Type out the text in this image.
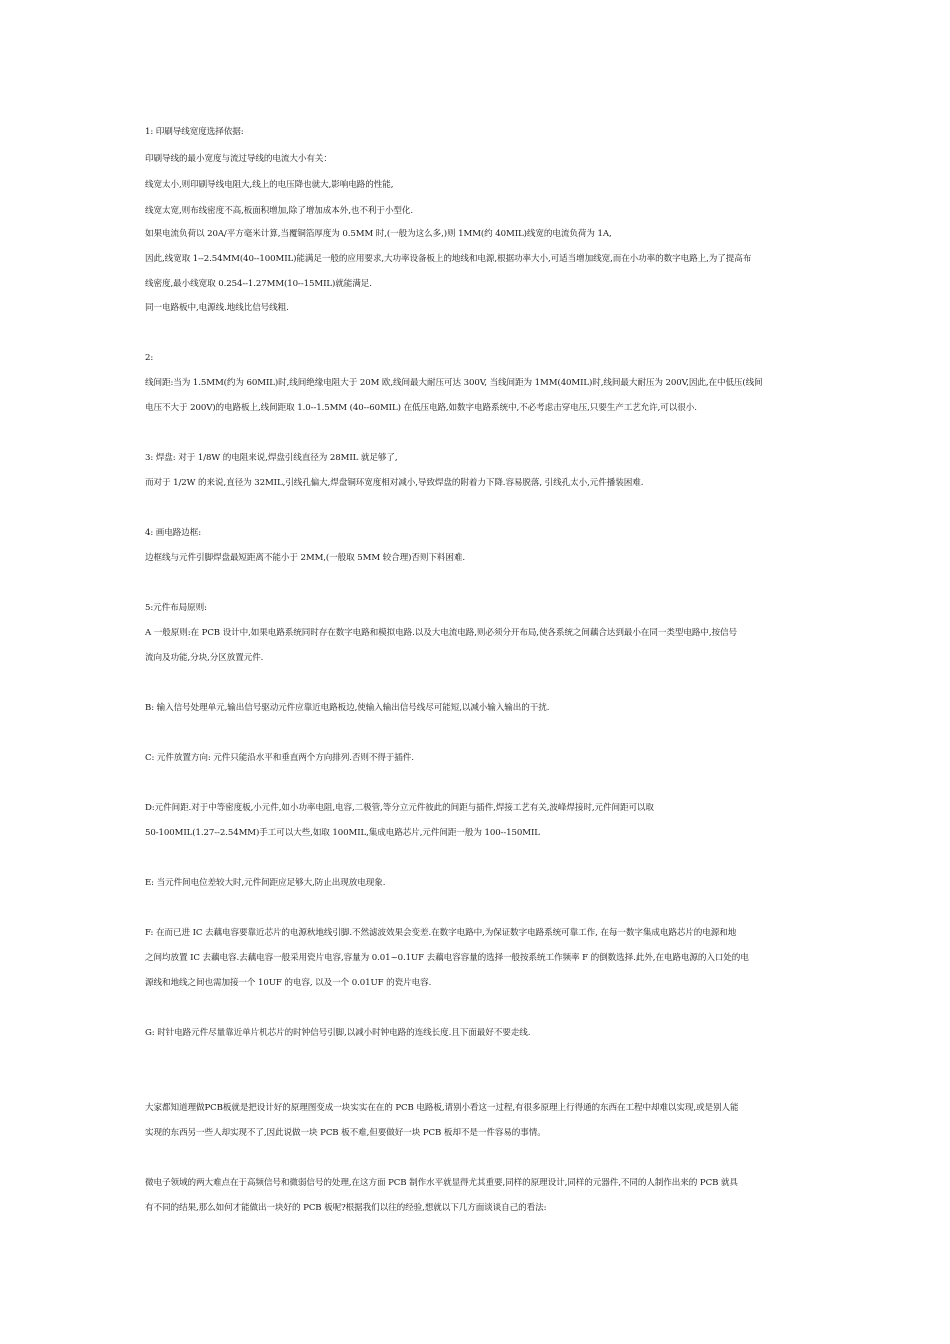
1: 印刷导线宽度选择依据:
印刷导线的最小宽度与流过导线的电流大小有关：
线宽太小,则印刷导线电阻大,线上的电压降也就大,影响电路的性能,
线宽太宽,则布线密度不高,板面积增加,除了增加成本外,也不利于小型化.
如果电流负荷以 20A/平方毫米计算,当覆铜箔厚度为 0.5MM 时,(一般为这么多,)则 1MM(约 40MIL)线宽的电流负荷为 1A,
因此,线宽取 1--2.54MM(40--100MIL)能满足一般的应用要求,大功率设备板上的地线和电源,根据功率大小,可适当增加线宽,而在小功率的数字电路上,为了提高布
线密度,最小线宽取 0.254--1.27MM(10--15MIL)就能满足.
同一电路板中,电源线.地线比信号线粗.
2:
线间距:当为 1.5MM(约为 60MIL)时,线间绝缘电阻大于 20M 欧,线间最大耐压可达 300V, 当线间距为 1MM(40MIL)时,线间最大耐压为 200V,因此,在中低压(线间
电压不大于 200V)的电路板上,线间距取 1.0--1.5MM (40--60MIL) 在低压电路,如数字电路系统中,不必考虑击穿电压,只要生产工艺允许,可以很小.
3: 焊盘: 对于 1/8W 的电阻来说,焊盘引线直径为 28MIL 就足够了,
而对于 1/2W 的来说,直径为 32MIL,引线孔偏大,焊盘铜环宽度相对减小,导致焊盘的附着力下降.容易脱落, 引线孔太小,元件播装困难.
4: 画电路边框:
边框线与元件引脚焊盘最短距离不能小于 2MM,(一般取 5MM 较合理)否则下料困难.
5:元件布局原则:
A 一般原则:在 PCB 设计中,如果电路系统同时存在数字电路和模拟电路.以及大电流电路,则必须分开布局,使各系统之间藕合达到最小在同一类型电路中,按信号
流向及功能,分块,分区放置元件.
B: 输入信号处理单元,输出信号驱动元件应靠近电路板边,使输入输出信号线尽可能短,以减小输入输出的干扰.
C: 元件放置方向: 元件只能沿水平和垂直两个方向排列.否则不得于插件.
D:元件间距.对于中等密度板,小元件,如小功率电阻,电容,二极管,等分立元件彼此的间距与插件,焊接工艺有关,波峰焊接时,元件间距可以取
50-100MIL(1.27--2.54MM)手工可以大些,如取 100MIL,集成电路芯片,元件间距一般为 100--150MIL
E: 当元件间电位差较大时,元件间距应足够大,防止出现放电现象.
F: 在而已进 IC 去藕电容要靠近芯片的电源秋地线引脚.不然滤波效果会变差.在数字电路中,为保证数字电路系统可靠工作, 在每一数字集成电路芯片的电源和地
之间均放置 IC 去藕电容.去藕电容一般采用瓷片电容,容量为 0.01~0.1UF 去藕电容容量的选择一般按系统工作频率 F 的倒数选择.此外,在电路电源的入口处的电
源线和地线之间也需加接一个 10UF 的电容, 以及一个 0.01UF 的瓷片电容.
G: 时针电路元件尽量靠近单片机芯片的时钟信号引脚,以减小时钟电路的连线长度.且下面最好不要走线.
大家都知道理做PCB板就是把设计好的原理图变成一块实实在在的 PCB 电路板,请别小看这一过程,有很多原理上行得通的东西在工程中却难以实现,或是别人能
实现的东西另一些人却实现不了,因此说做一块 PCB 板不难,但要做好一块 PCB 板却不是一件容易的事情。
微电子领域的两大难点在于高频信号和微弱信号的处理,在这方面 PCB 制作水平就显得尤其重要,同样的原理设计,同样的元器件,不同的人制作出来的 PCB 就具
有不同的结果,那么如何才能做出一块好的 PCB 板呢?根据我们以往的经验,想就以下几方面谈谈自己的看法:
